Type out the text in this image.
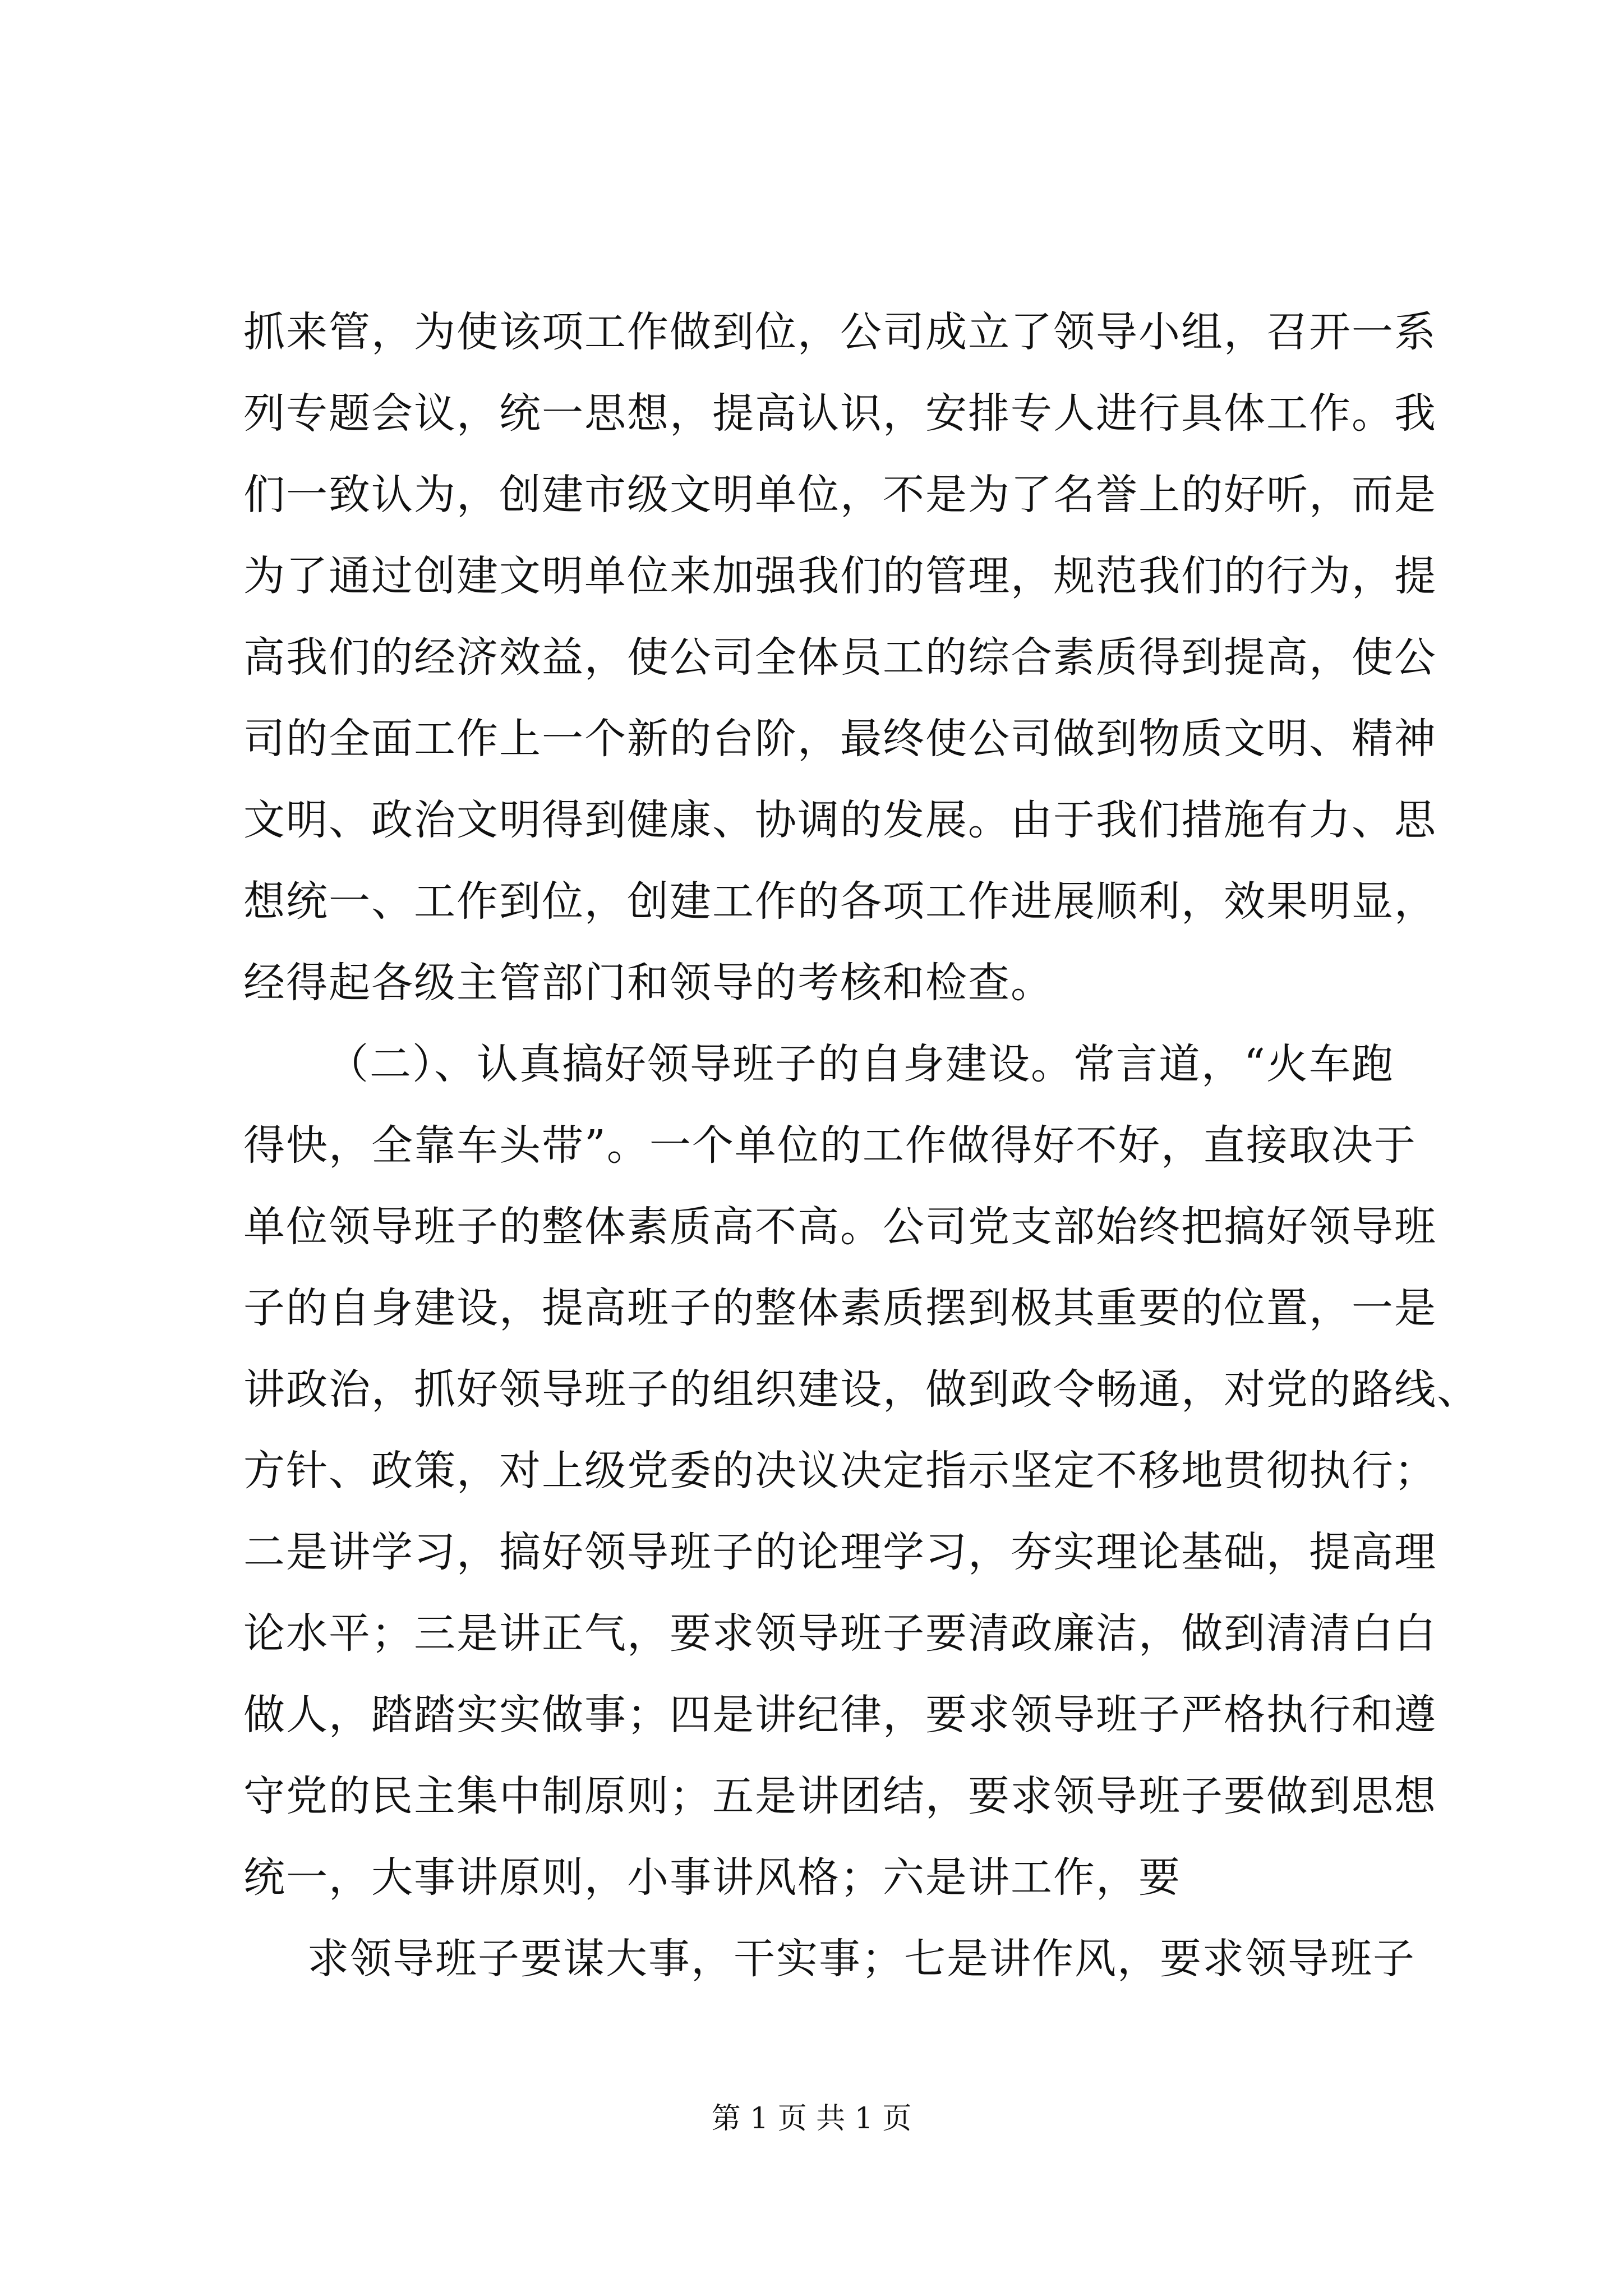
抓来管，为使该项工作做到位，公司成立了领导小组，召开一系
列专题会议，统一思想，提高认识，安排专人进行具体工作。我
们一致认为，创建市级文明单位，不是为了名誉上的好听，而是
为了通过创建文明单位来加强我们的管理，规范我们的行为，提
高我们的经济效益，使公司全体员工的综合素质得到提高，使公
司的全面工作上一个新的台阶，最终使公司做到物质文明、精神
文明、政治文明得到健康、协调的发展。由于我们措施有力、思
想统一、工作到位，创建工作的各项工作进展顺利，效果明显，
经得起各级主管部门和领导的考核和检查。
（二）、认真搞好领导班子的自身建设。常言道，“火车跑
得快，全靠车头带”。一个单位的工作做得好不好，直接取决于
单位领导班子的整体素质高不高。公司党支部始终把搞好领导班
子的自身建设，提高班子的整体素质摆到极其重要的位置，一是
讲政治，抓好领导班子的组织建设，做到政令畅通，对党的路线、
方针、政策，对上级党委的决议决定指示坚定不移地贯彻执行；
二是讲学习，搞好领导班子的论理学习，夯实理论基础，提高理
论水平；三是讲正气，要求领导班子要清政廉洁，做到清清白白
做人，踏踏实实做事；四是讲纪律，要求领导班子严格执行和遵
守党的民主集中制原则；五是讲团结，要求领导班子要做到思想
统一，大事讲原则，小事讲风格；六是讲工作，要
求领导班子要谋大事，干实事；七是讲作风，要求领导班子
第 1 页 共 1 页
